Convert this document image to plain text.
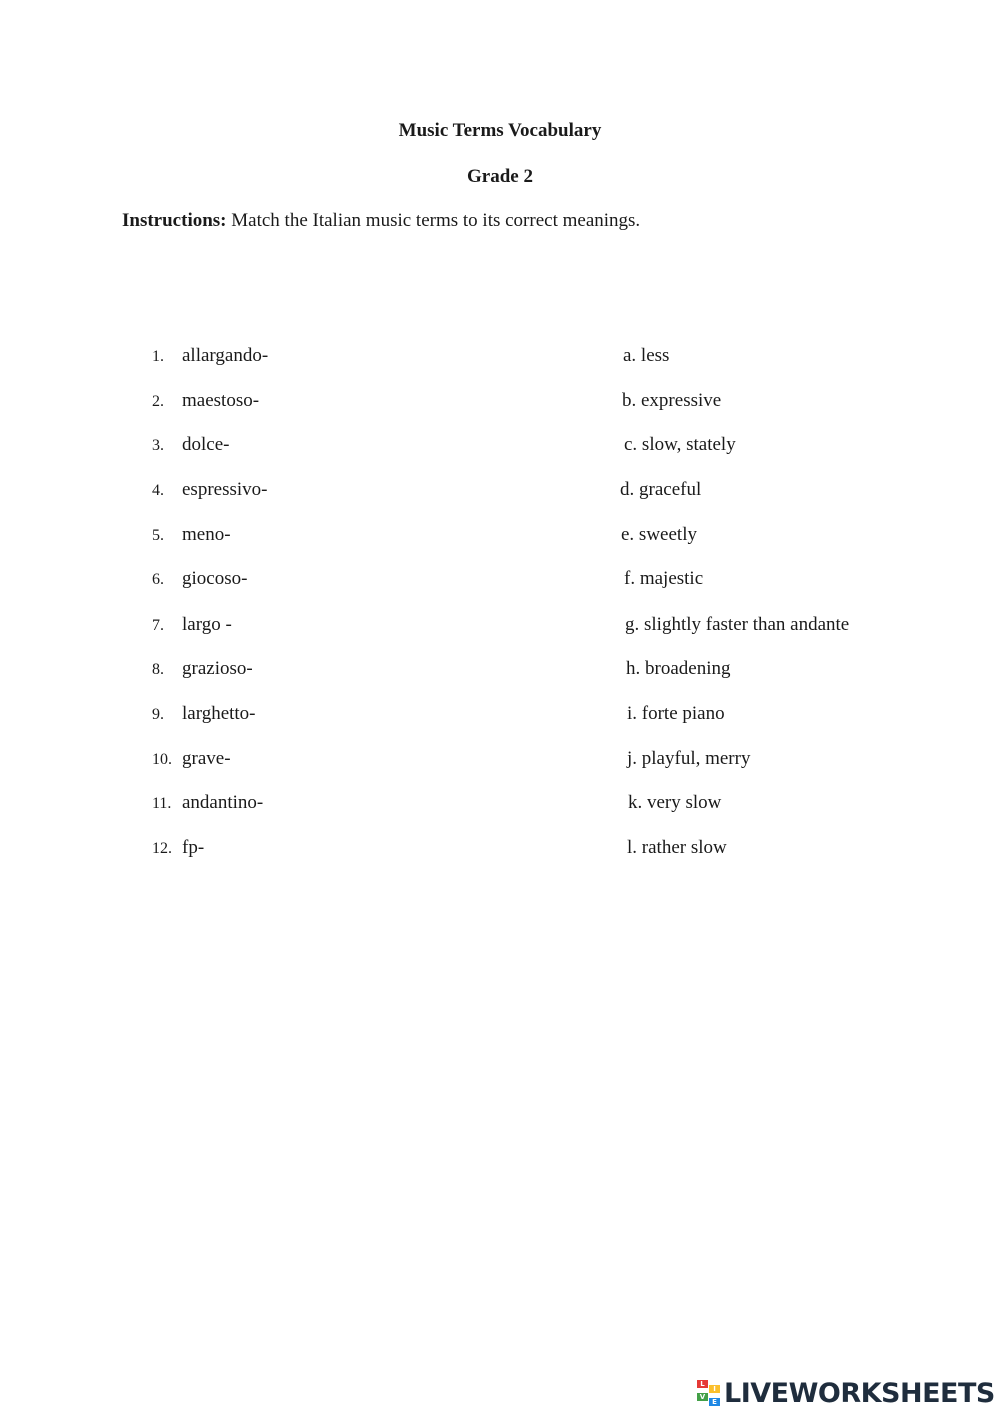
Music Terms Vocabulary
Grade 2
Instructions: Match the Italian music terms to its correct meanings.
1. allargando-
2. maestoso-
3. dolce-
4. espressivo-
5. meno-
6. giocoso-
7. largo -
8. grazioso-
9. larghetto-
10. grave-
11. andantino-
12. fp-
a. less
b. expressive
c. slow, stately
d. graceful
e. sweetly
f. majestic
g. slightly faster than andante
h. broadening
i. forte piano
j. playful, merry
k. very slow
l. rather slow
L
I
V
E LIVEWORKSHEETS
